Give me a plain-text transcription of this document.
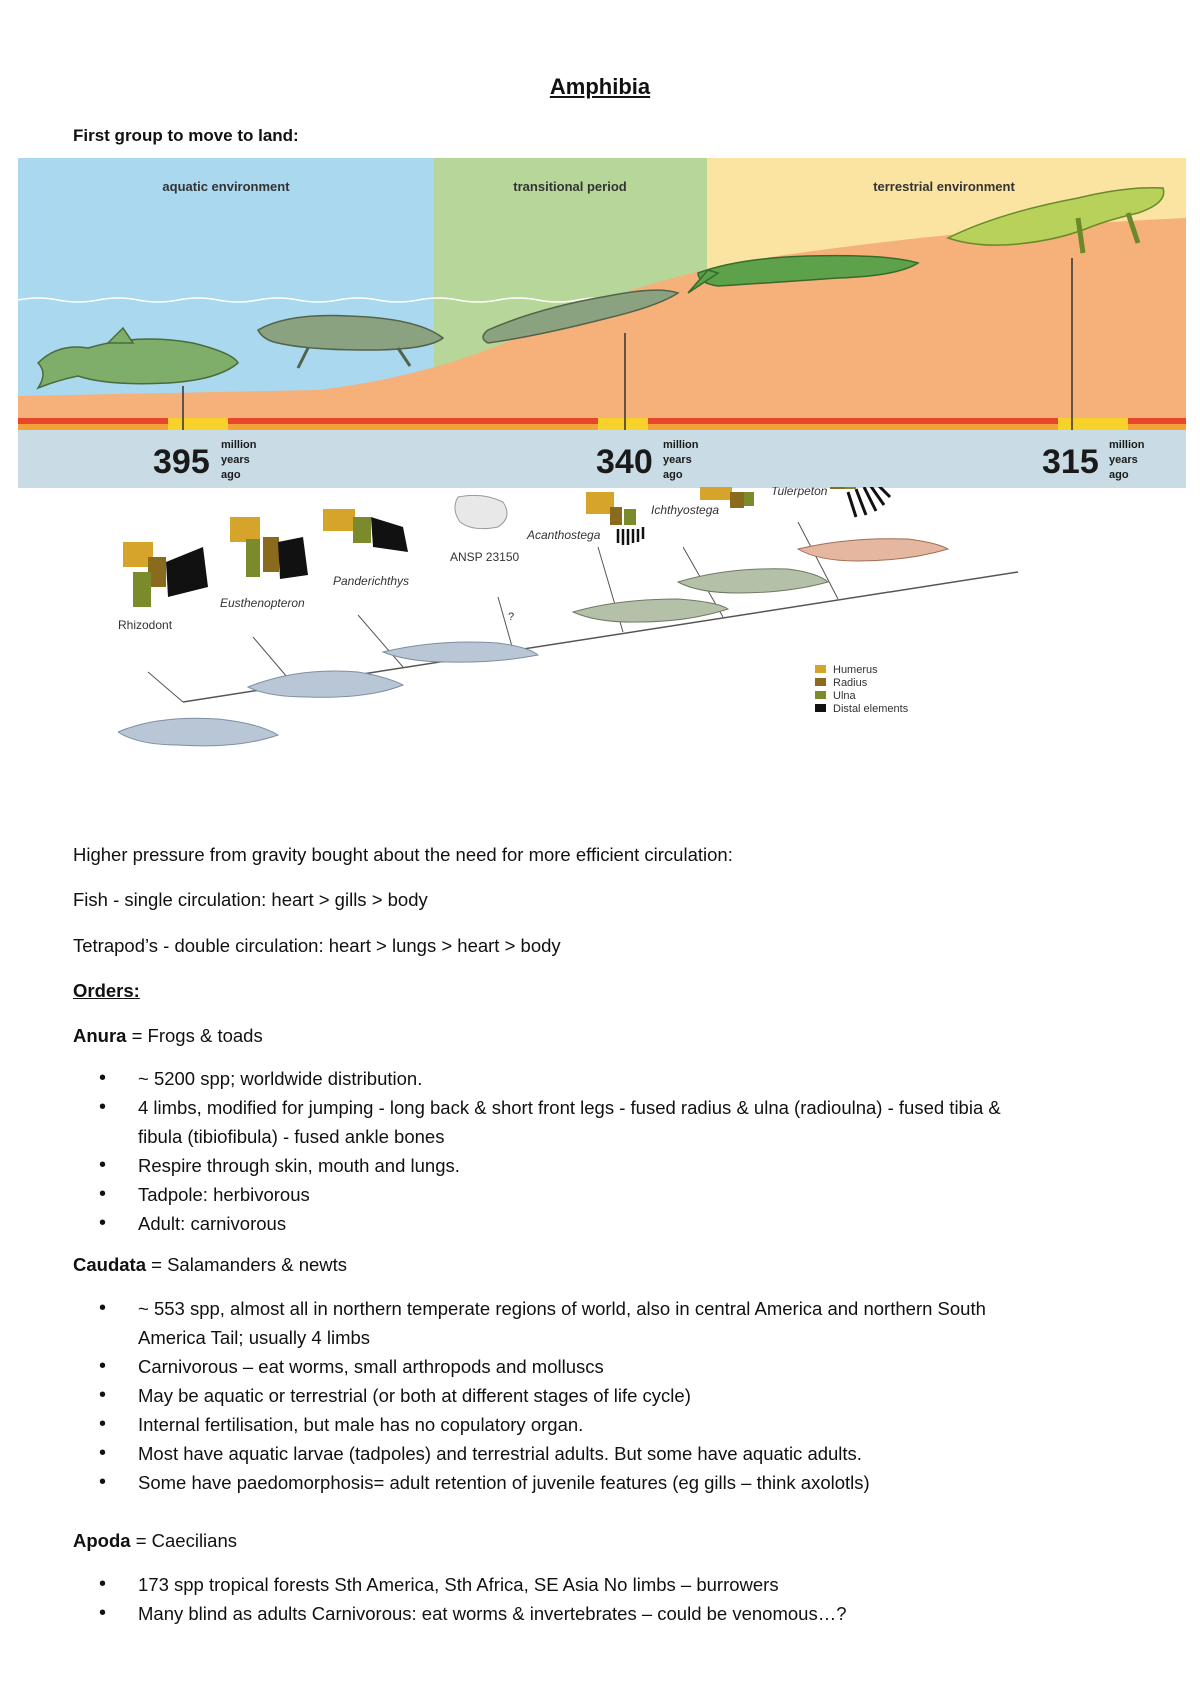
Amphibia
First group to move to land:
aquatic environment	transitional period	terrestrial environment
395 million
years
ago	340 million
years
ago	315 million
years
ago
Rhizodont
Eusthenopteron
Panderichthys
ANSP 23150
Acanthostega
Ichthyostega
Tulerpeton
?
Humerus
Radius
Ulna
Distal elements
Higher pressure from gravity bought about the need for more efficient circulation:
Fish - single circulation: heart > gills > body
Tetrapod’s - double circulation: heart > lungs > heart > body
Orders:
Anura = Frogs & toads
• ~ 5200 spp; worldwide distribution.
• 4 limbs, modified for jumping - long back & short front legs - fused radius & ulna (radioulna) - fused tibia &
fibula (tibiofibula) - fused ankle bones
• Respire through skin, mouth and lungs.
• Tadpole: herbivorous
• Adult: carnivorous
Caudata = Salamanders & newts
• ~ 553 spp, almost all in northern temperate regions of world, also in central America and northern South
America Tail; usually 4 limbs
• Carnivorous – eat worms, small arthropods and molluscs
• May be aquatic or terrestrial (or both at different stages of life cycle)
• Internal fertilisation, but male has no copulatory organ.
• Most have aquatic larvae (tadpoles) and terrestrial adults. But some have aquatic adults.
• Some have paedomorphosis= adult retention of juvenile features (eg gills – think axolotls)
Apoda = Caecilians
• 173 spp tropical forests Sth America, Sth Africa, SE Asia No limbs – burrowers
• Many blind as adults Carnivorous: eat worms & invertebrates – could be venomous…?
